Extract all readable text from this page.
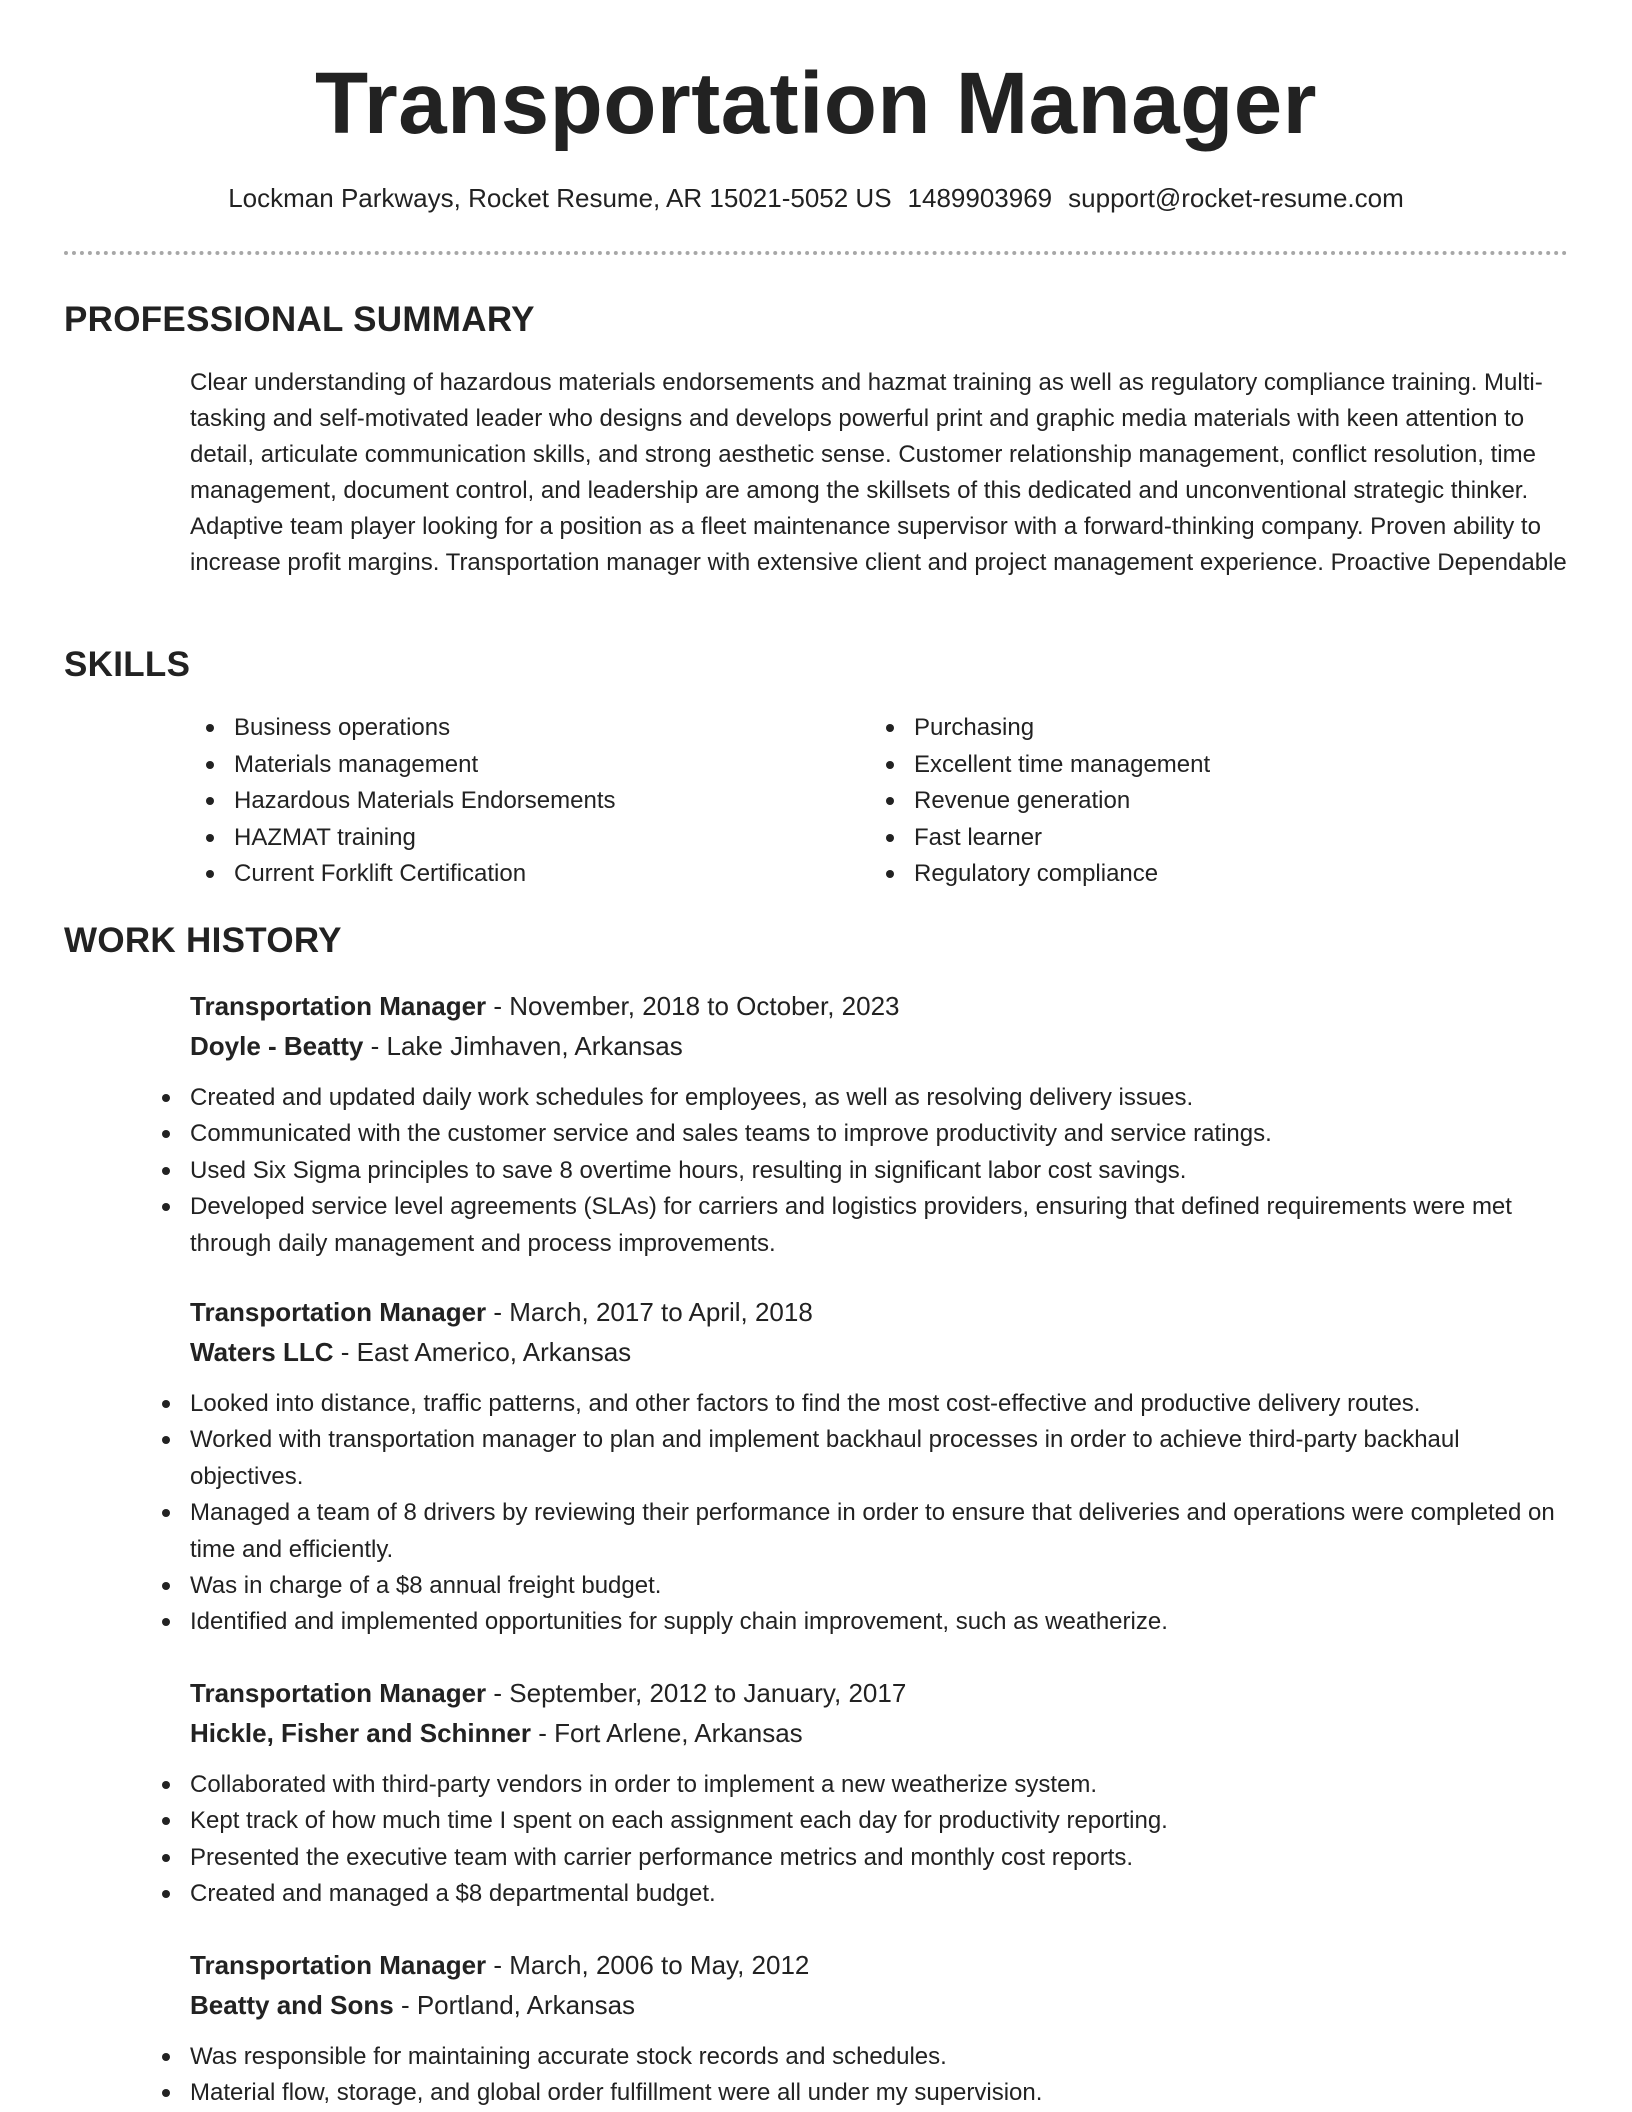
Transportation Manager
Lockman Parkways, Rocket Resume, AR 15021-5052 US 1489903969 support@rocket-resume.com
PROFESSIONAL SUMMARY

Clear understanding of hazardous materials endorsements and hazmat training as well as regulatory compliance training. Multi-tasking and self-motivated leader who designs and develops powerful print and graphic media materials with keen attention to detail, articulate communication skills, and strong aesthetic sense. Customer relationship management, conflict resolution, time management, document control, and leadership are among the skillsets of this dedicated and unconventional strategic thinker. Adaptive team player looking for a position as a fleet maintenance supervisor with a forward-thinking company. Proven ability to increase profit margins. Transportation manager with extensive client and project management experience. Proactive Dependable

SKILLS
Business operations
Materials management
Hazardous Materials Endorsements
HAZMAT training
Current Forklift Certification
Purchasing
Excellent time management
Revenue generation
Fast learner
Regulatory compliance
WORK HISTORY
Transportation Manager - November, 2018 to October, 2023
Doyle - Beatty - Lake Jimhaven, Arkansas
Created and updated daily work schedules for employees, as well as resolving delivery issues.
Communicated with the customer service and sales teams to improve productivity and service ratings.
Used Six Sigma principles to save 8 overtime hours, resulting in significant labor cost savings.
Developed service level agreements (SLAs) for carriers and logistics providers, ensuring that defined requirements were met through daily management and process improvements.
Transportation Manager - March, 2017 to April, 2018
Waters LLC - East Americo, Arkansas
Looked into distance, traffic patterns, and other factors to find the most cost-effective and productive delivery routes.
Worked with transportation manager to plan and implement backhaul processes in order to achieve third-party backhaul objectives.
Managed a team of 8 drivers by reviewing their performance in order to ensure that deliveries and operations were completed on time and efficiently.
Was in charge of a $8 annual freight budget.
Identified and implemented opportunities for supply chain improvement, such as weatherize.
Transportation Manager - September, 2012 to January, 2017
Hickle, Fisher and Schinner - Fort Arlene, Arkansas
Collaborated with third-party vendors in order to implement a new weatherize system.
Kept track of how much time I spent on each assignment each day for productivity reporting.
Presented the executive team with carrier performance metrics and monthly cost reports.
Created and managed a $8 departmental budget.
Transportation Manager - March, 2006 to May, 2012
Beatty and Sons - Portland, Arkansas
Was responsible for maintaining accurate stock records and schedules.
Material flow, storage, and global order fulfillment were all under my supervision.
